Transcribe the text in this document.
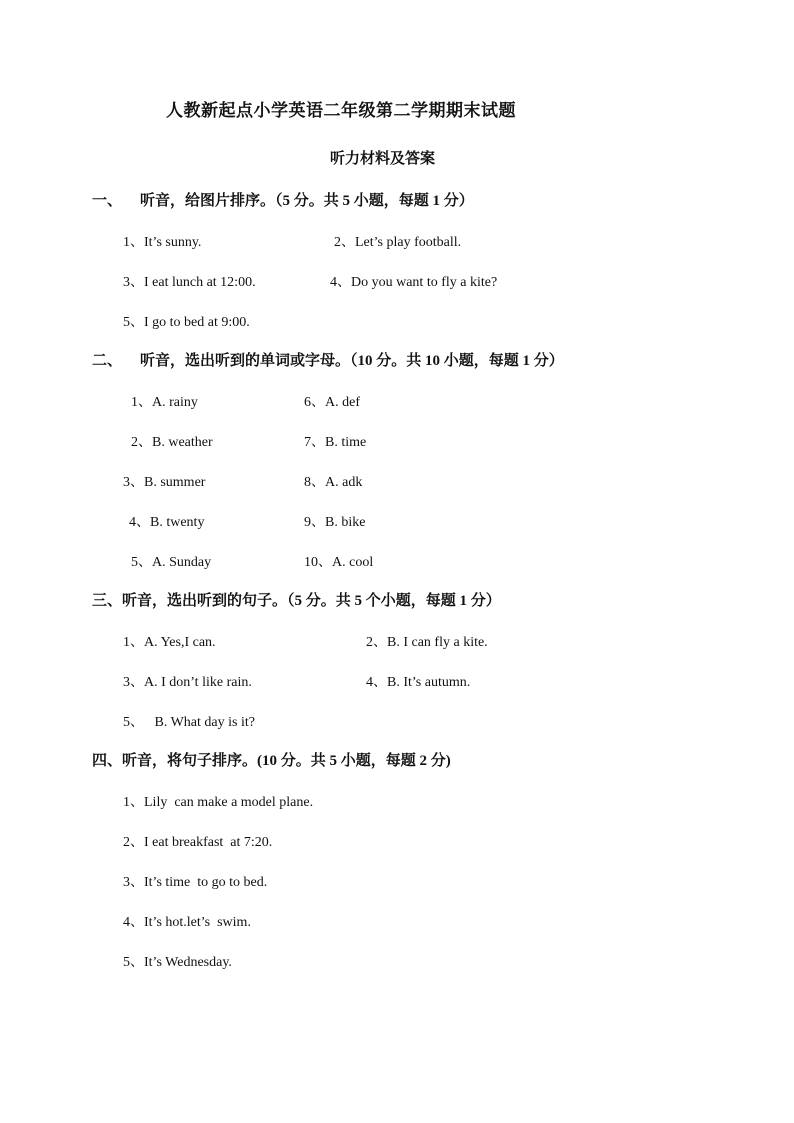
人教新起点小学英语二年级第二学期期末试题
听力材料及答案
一、 听音，给图片排序。（5 分。共 5 小题，每题 1 分）
1、It’s sunny.	2、Let’s play football.
3、I eat lunch at 12:00.	4、Do you want to fly a kite?
5、I go to bed at 9:00.
二、 听音，选出听到的单词或字母。（10 分。共 10 小题，每题 1 分）
1、A. rainy	6、A. def
2、B. weather	7、B. time
3、B. summer	8、A. adk
4、B. twenty	9、B. bike
5、A. Sunday	10、A. cool
三、听音，选出听到的句子。（5 分。共 5 个小题，每题 1 分）
1、A. Yes,I can.	2、B. I can fly a kite.
3、A. I don’t like rain.	4、B. It’s autumn.
5、   B. What day is it?
四、听音，将句子排序。(10 分。共 5 小题，每题 2 分)
1、Lily  can make a model plane.
2、I eat breakfast  at 7:20.
3、It’s time  to go to bed.
4、It’s hot.let’s  swim.
5、It’s Wednesday.
